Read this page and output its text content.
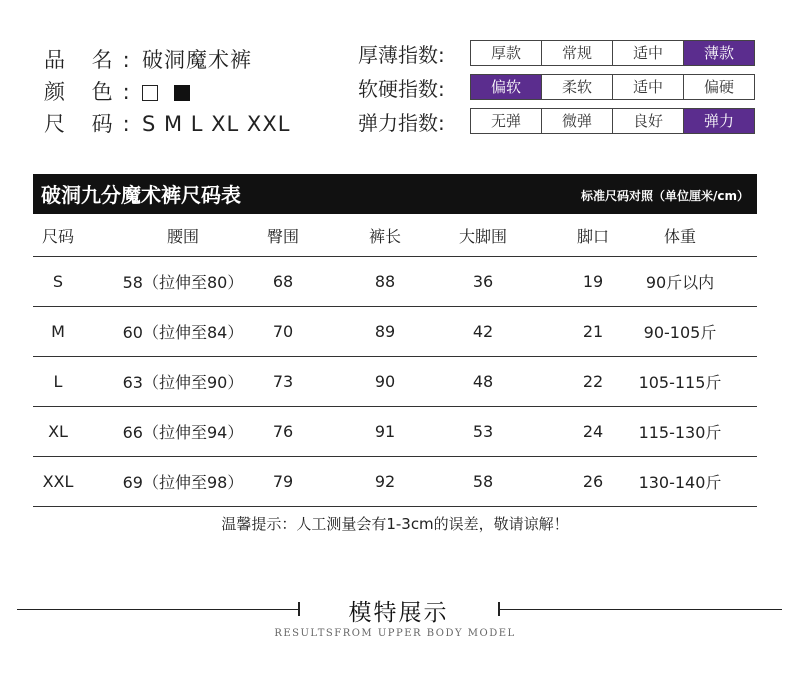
品 名: 破洞魔术裤
颜 色:

尺 码: S M L XL XXL
厚薄指数:	厚款	常规	适中	薄款
软硬指数:	偏软	柔软	适中	偏硬
弹力指数:	无弹	微弹	良好	弹力
破洞九分魔术裤尺码表	标准尺码对照（单位厘米/cm）
尺码	腰围	臀围	裤长	大脚围	脚口	体重
S	58（拉伸至80）	68	88	36	19	90斤以内
M	60（拉伸至84）	70	89	42	21	90-105斤
L	63（拉伸至90）	73	90	48	22	105-115斤
XL	66（拉伸至94）	76	91	53	24	115-130斤
XXL	69（拉伸至98）	79	92	58	26	130-140斤
温馨提示：人工测量会有1-3cm的误差，敬请谅解！
模特展示
RESULTSFROM UPPER BODY MODEL
